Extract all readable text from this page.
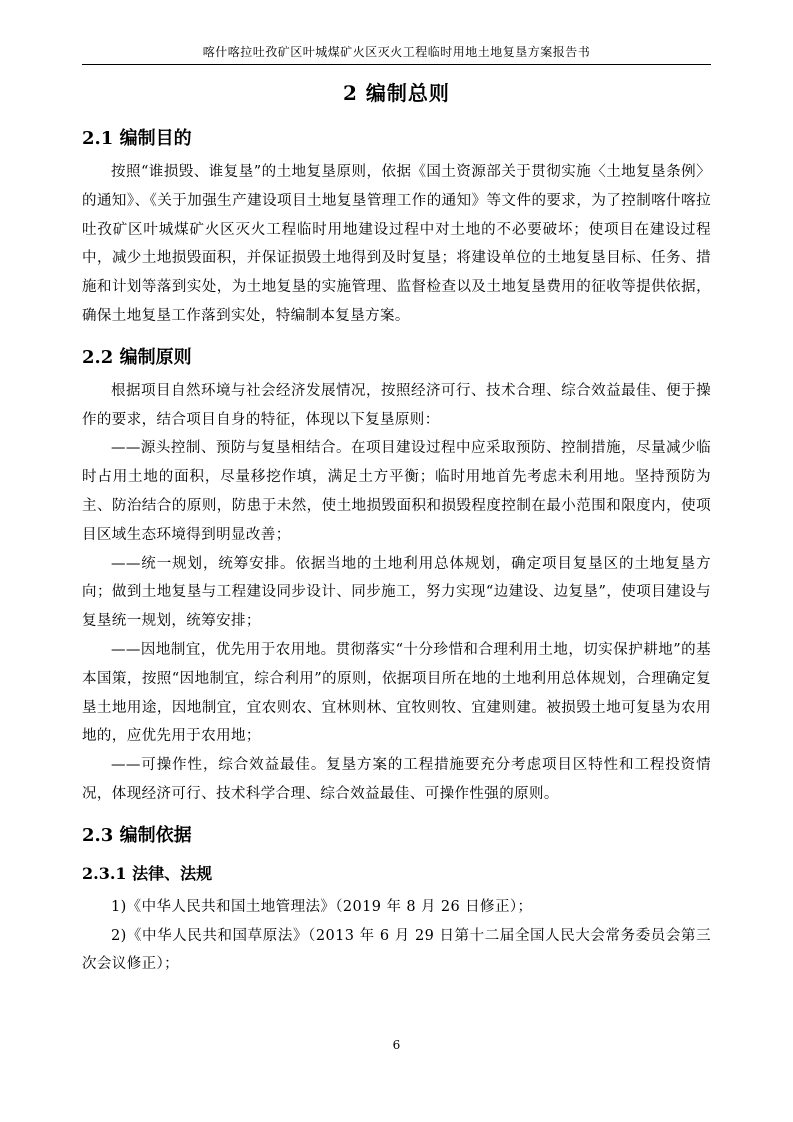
喀什喀拉吐孜矿区叶城煤矿火区灭火工程临时用地土地复垦方案报告书
2 编制总则
2.1 编制目的

按照“谁损毁、谁复垦”的土地复垦原则，依据《国土资源部关于贯彻实施〈土地复垦条例〉的通知》、《关于加强生产建设项目土地复垦管理工作的通知》等文件的要求，为了控制喀什喀拉吐孜矿区叶城煤矿火区灭火工程临时用地建设过程中对土地的不必要破坏；使项目在建设过程中，减少土地损毁面积，并保证损毁土地得到及时复垦；将建设单位的土地复垦目标、任务、措施和计划等落到实处，为土地复垦的实施管理、监督检查以及土地复垦费用的征收等提供依据，确保土地复垦工作落到实处，特编制本复垦方案。

2.2 编制原则

根据项目自然环境与社会经济发展情况，按照经济可行、技术合理、综合效益最佳、便于操作的要求，结合项目自身的特征，体现以下复垦原则：

——源头控制、预防与复垦相结合。在项目建设过程中应采取预防、控制措施，尽量减少临时占用土地的面积，尽量移挖作填，满足土方平衡；临时用地首先考虑未利用地。坚持预防为主、防治结合的原则，防患于未然，使土地损毁面积和损毁程度控制在最小范围和限度内，使项目区域生态环境得到明显改善；

——统一规划，统筹安排。依据当地的土地利用总体规划，确定项目复垦区的土地复垦方向；做到土地复垦与工程建设同步设计、同步施工，努力实现“边建设、边复垦”，使项目建设与复垦统一规划，统筹安排；

——因地制宜，优先用于农用地。贯彻落实“十分珍惜和合理利用土地，切实保护耕地”的基本国策，按照“因地制宜，综合利用”的原则，依据项目所在地的土地利用总体规划，合理确定复垦土地用途，因地制宜，宜农则农、宜林则林、宜牧则牧、宜建则建。被损毁土地可复垦为农用地的，应优先用于农用地；

——可操作性，综合效益最佳。复垦方案的工程措施要充分考虑项目区特性和工程投资情况，体现经济可行、技术科学合理、综合效益最佳、可操作性强的原则。

2.3 编制依据
2.3.1 法律、法规

1)《中华人民共和国土地管理法》（2019 年 8 月 26 日修正）；

2)《中华人民共和国草原法》（2013 年 6 月 29 日第十二届全国人民大会常务委员会第三次会议修正）；

6
